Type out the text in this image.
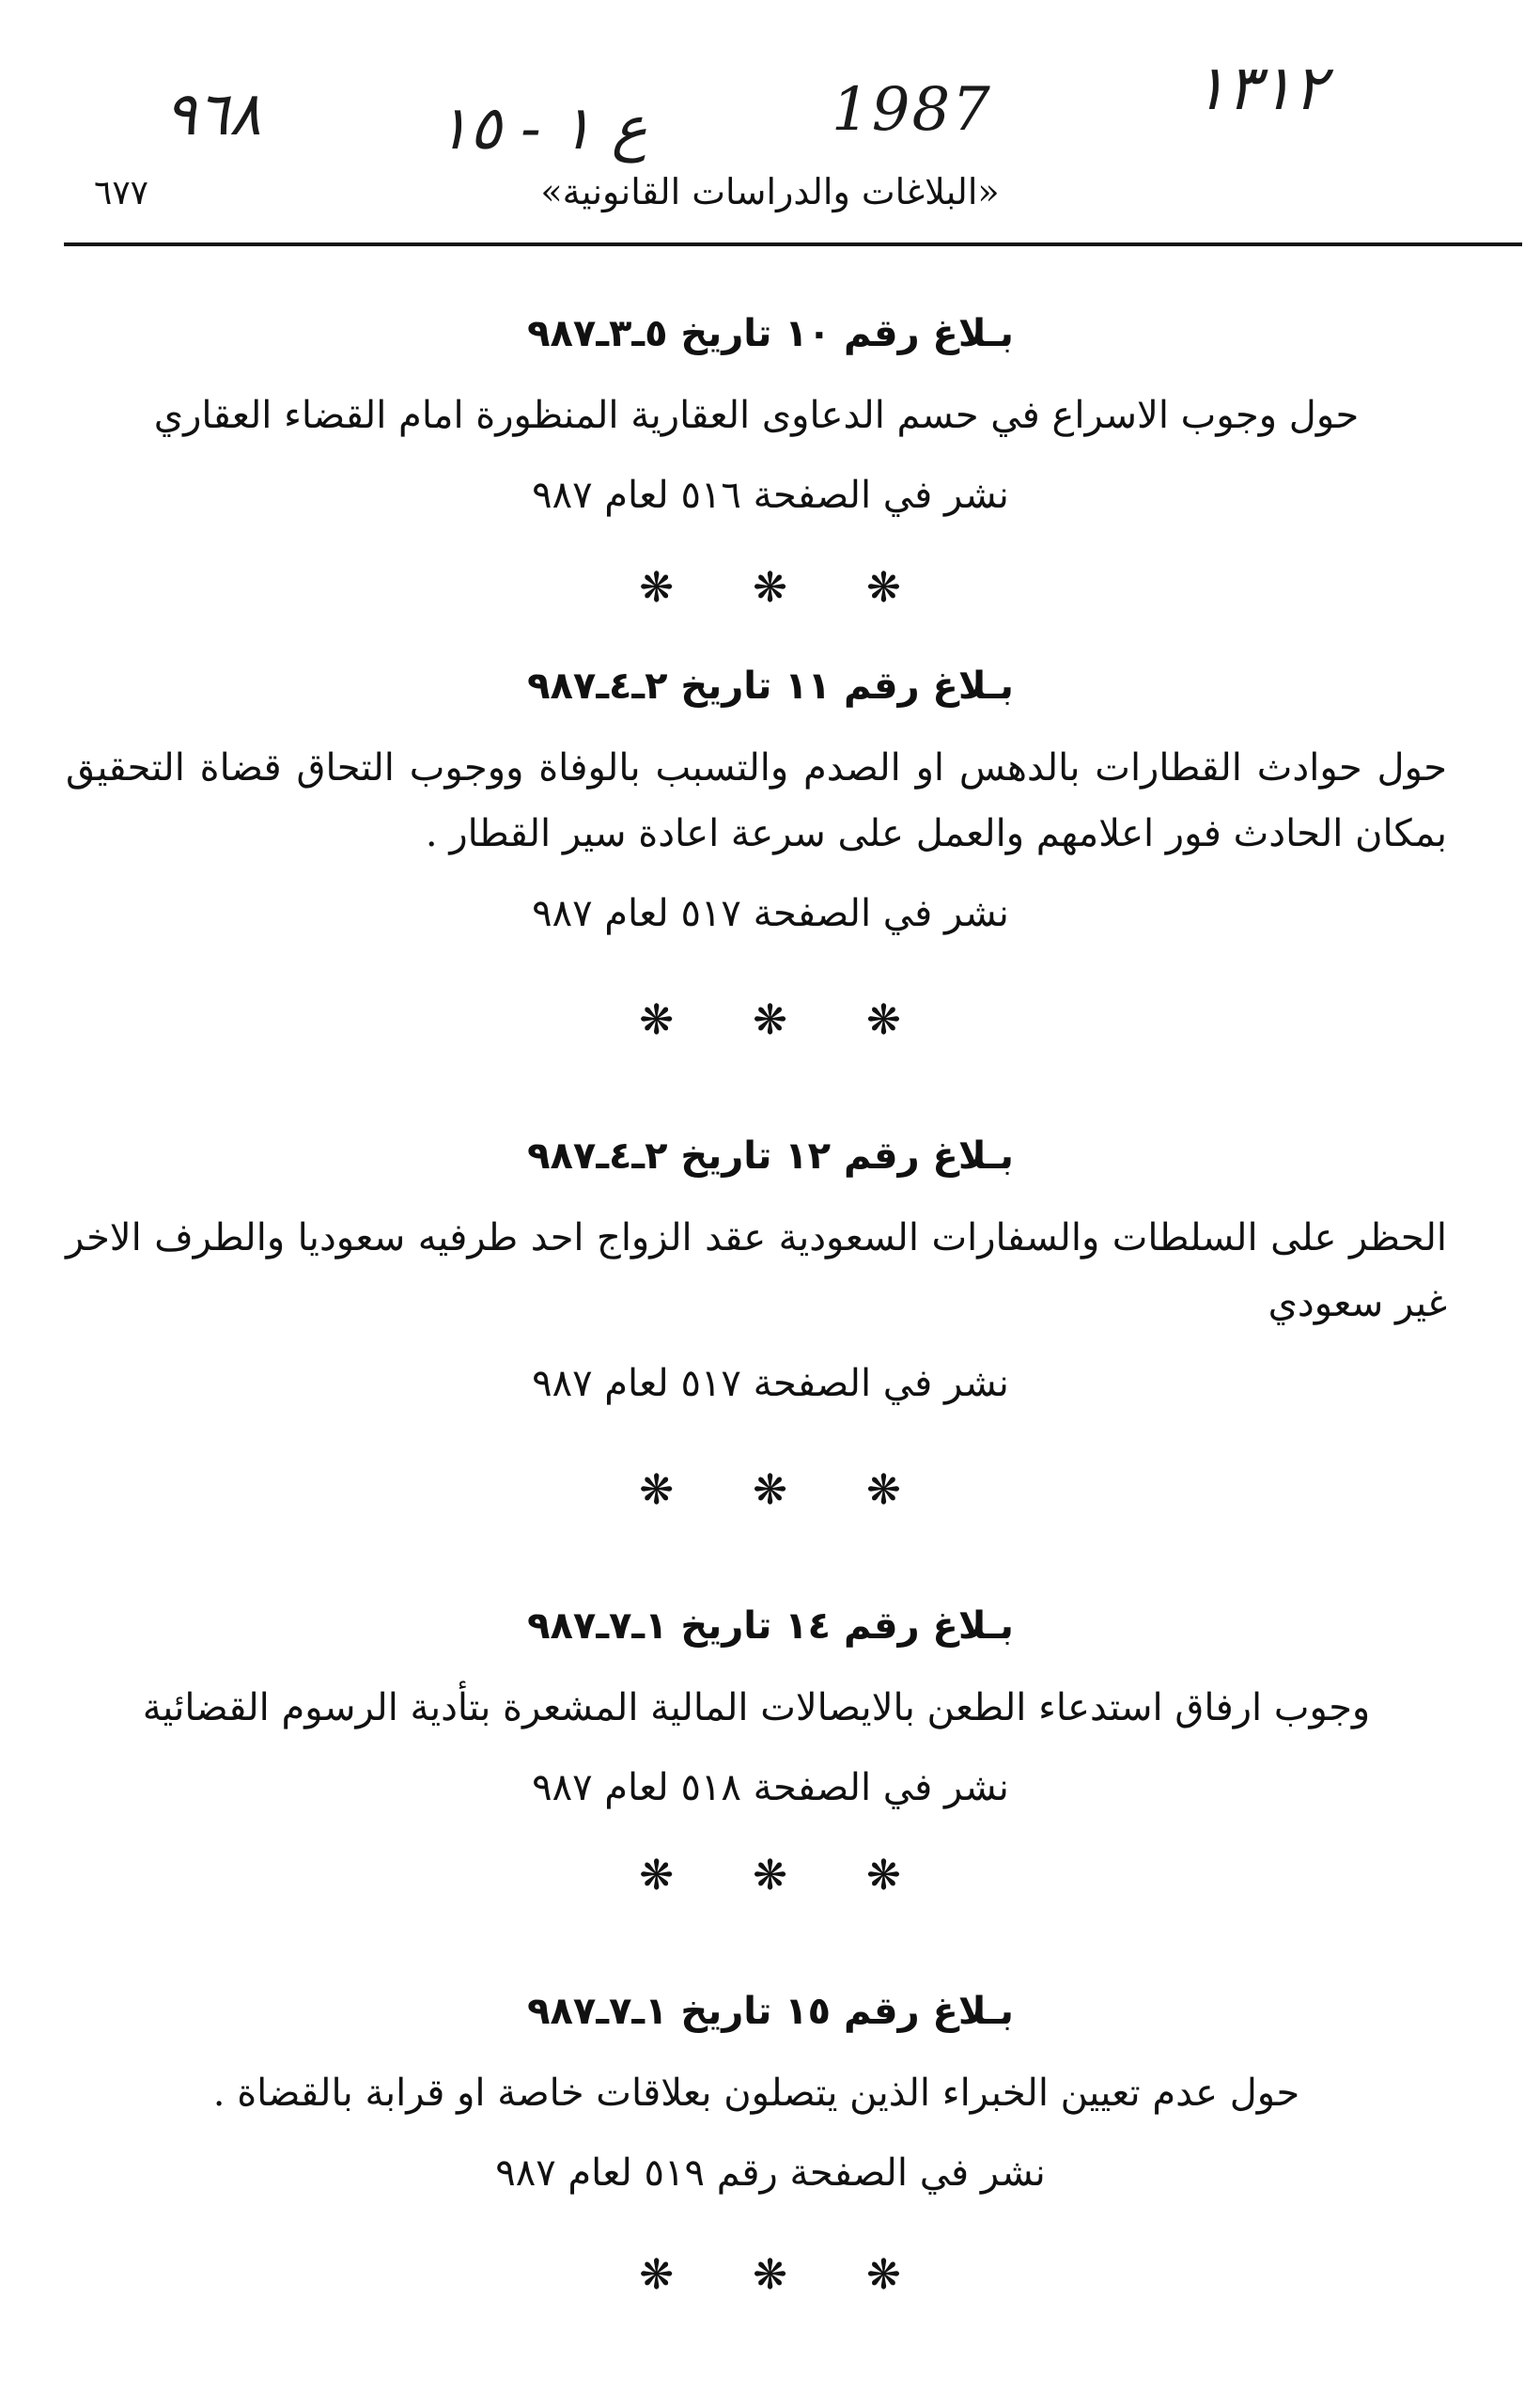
١٣١٢
1987
ع ١ - ١٥
٩٦٨
«البلاغات والدراسات القانونية»
٦٧٧
بـلاغ رقم ١٠ تاريخ ٥ـ٣ـ٩٨٧
حول وجوب الاسراع في حسم الدعاوى العقارية المنظورة امام القضاء العقاري
نشر في الصفحة ٥١٦ لعام ٩٨٧
❋❋❋
بـلاغ رقم ١١ تاريخ ٢ـ٤ـ٩٨٧
حول حوادث القطارات بالدهس او الصدم والتسبب بالوفاة ووجوب التحاق قضاة التحقيق بمكان الحادث فور اعلامهم والعمل على سرعة اعادة سير القطار .
نشر في الصفحة ٥١٧ لعام ٩٨٧
❋❋❋
بـلاغ رقم ١٢ تاريخ ٢ـ٤ـ٩٨٧
الحظر على السلطات والسفارات السعودية عقد الزواج احد طرفيه سعوديا والطرف الاخر غير سعودي
نشر في الصفحة ٥١٧ لعام ٩٨٧
❋❋❋
بـلاغ رقم ١٤ تاريخ ١ـ٧ـ٩٨٧
وجوب ارفاق استدعاء الطعن بالايصالات المالية المشعرة بتأدية الرسوم القضائية
نشر في الصفحة ٥١٨ لعام ٩٨٧
❋❋❋
بـلاغ رقم ١٥ تاريخ ١ـ٧ـ٩٨٧
حول عدم تعيين الخبراء الذين يتصلون بعلاقات خاصة او قرابة بالقضاة .
نشر في الصفحة رقم ٥١٩ لعام ٩٨٧
❋❋❋
